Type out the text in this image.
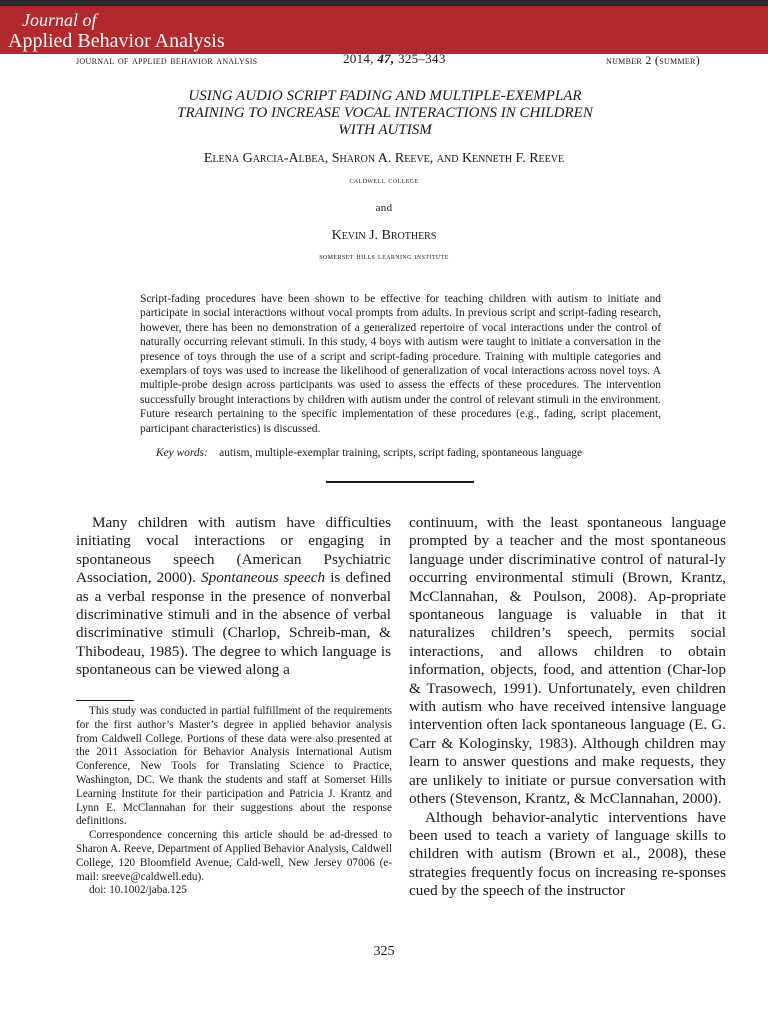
Journal of
Applied Behavior Analysis
journal of applied behavior analysis	2014, 47, 325–343	number 2 (summer)
USING AUDIO SCRIPT FADING AND MULTIPLE-EXEMPLAR
TRAINING TO INCREASE VOCAL INTERACTIONS IN CHILDREN
WITH AUTISM
Elena Garcia-Albea, Sharon A. Reeve, and Kenneth F. Reeve
caldwell college
and
Kevin J. Brothers
somerset hills learning institute
Script-fading procedures have been shown to be effective for teaching children with autism to initiate and participate in social interactions without vocal prompts from adults. In previous script and script-fading research, however, there has been no demonstration of a generalized repertoire of vocal interactions under the control of naturally occurring relevant stimuli. In this study, 4 boys with autism were taught to initiate a conversation in the presence of toys through the use of a script and script-fading procedure. Training with multiple categories and exemplars of toys was used to increase the likelihood of generalization of vocal interactions across novel toys. A multiple-probe design across participants was used to assess the effects of these procedures. The intervention successfully brought interactions by children with autism under the control of relevant stimuli in the environment. Future research pertaining to the specific implementation of these procedures (e.g., fading, script placement, participant characteristics) is discussed.
Key words: autism, multiple-exemplar training, scripts, script fading, spontaneous language

Many children with autism have difficulties initiating vocal interactions or engaging in spontaneous speech (American Psychiatric Association, 2000). Spontaneous speech is defined as a verbal response in the presence of nonverbal discriminative stimuli and in the absence of verbal discriminative stimuli (Charlop, Schreib-man, & Thibodeau, 1985). The degree to which language is spontaneous can be viewed along a

This study was conducted in partial fulfillment of the requirements for the first author’s Master’s degree in applied behavior analysis from Caldwell College. Portions of these data were also presented at the 2011 Association for Behavior Analysis International Autism Conference, New Tools for Translating Science to Practice, Washington, DC. We thank the students and staff at Somerset Hills Learning Institute for their participation and Patricia J. Krantz and Lynn E. McClannahan for their suggestions about the response definitions.

Correspondence concerning this article should be ad-dressed to Sharon A. Reeve, Department of Applied Behavior Analysis, Caldwell College, 120 Bloomfield Avenue, Cald-well, New Jersey 07006 (e-mail: sreeve@caldwell.edu).

doi: 10.1002/jaba.125

continuum, with the least spontaneous language prompted by a teacher and the most spontaneous language under discriminative control of natural-ly occurring environmental stimuli (Brown, Krantz, McClannahan, & Poulson, 2008). Ap-propriate spontaneous language is valuable in that it naturalizes children’s speech, permits social interactions, and allows children to obtain information, objects, food, and attention (Char-lop & Trasowech, 1991). Unfortunately, even children with autism who have received intensive language intervention often lack spontaneous language (E. G. Carr & Kologinsky, 1983). Although children may learn to answer questions and make requests, they are unlikely to initiate or pursue conversation with others (Stevenson, Krantz, & McClannahan, 2000).

Although behavior-analytic interventions have been used to teach a variety of language skills to children with autism (Brown et al., 2008), these strategies frequently focus on increasing re-sponses cued by the speech of the instructor

325
